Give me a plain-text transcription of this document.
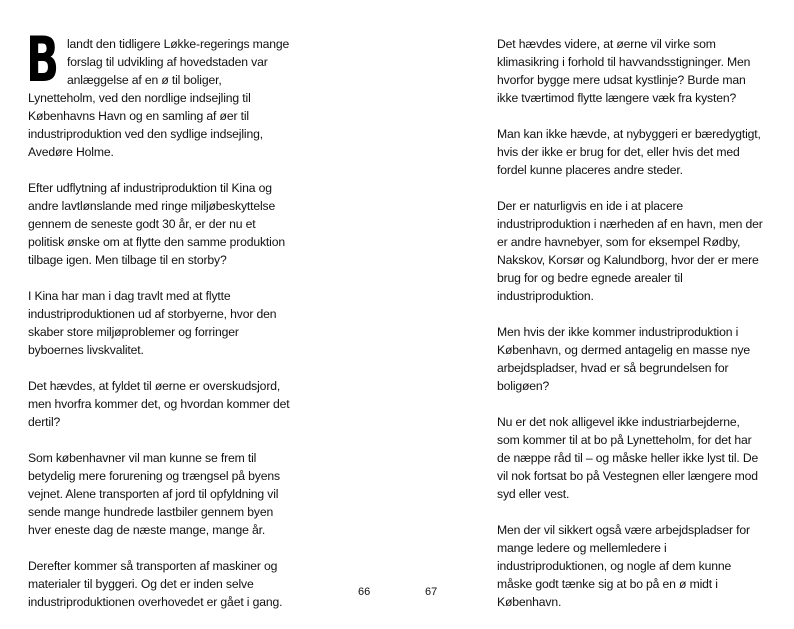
Blandt den tidligere Løkke-regerings mange forslag til udvikling af hovedstaden var anlæggelse af en ø til boliger, Lynetteholm, ved den nordlige indsejling til Københavns Havn og en samling af øer til industriproduktion ved den sydlige indsejling, Avedøre Holme.

Efter udflytning af industriproduktion til Kina og andre lavtlønslande med ringe miljøbeskyttelse gennem de seneste godt 30 år, er der nu et politisk ønske om at flytte den samme produktion tilbage igen. Men tilbage til en storby?

I Kina har man i dag travlt med at flytte industriproduktionen ud af storbyerne, hvor den skaber store miljøproblemer og forringer byboernes livskvalitet.

Det hævdes, at fyldet til øerne er overskudsjord, men hvorfra kommer det, og hvordan kommer det dertil?

Som københavner vil man kunne se frem til betydelig mere forurening og trængsel på byens vejnet. Alene transporten af jord til opfyldning vil sende mange hundrede lastbiler gennem byen hver eneste dag de næste mange, mange år.

Derefter kommer så transporten af maskiner og materialer til byggeri. Og det er inden selve industriproduktionen overhovedet er gået i gang.

66

Det hævdes videre, at øerne vil virke som klimasikring i forhold til havvandsstigninger. Men hvorfor bygge mere udsat kystlinje? Burde man ikke tværtimod flytte længere væk fra kysten?

Man kan ikke hævde, at nybyggeri er bæredygtigt, hvis der ikke er brug for det, eller hvis det med fordel kunne placeres andre steder.

Der er naturligvis en ide i at placere industriproduktion i nærheden af en havn, men der er andre havnebyer, som for eksempel Rødby, Nakskov, Korsør og Kalundborg, hvor der er mere brug for og bedre egnede arealer til industriproduktion.

Men hvis der ikke kommer industriproduktion i København, og dermed antagelig en masse nye arbejdspladser, hvad er så begrundelsen for boligøen?

Nu er det nok alligevel ikke industriarbejderne, som kommer til at bo på Lynetteholm, for det har de næppe råd til – og måske heller ikke lyst til. De vil nok fortsat bo på Vestegnen eller længere mod syd eller vest.

Men der vil sikkert også være arbejdspladser for mange ledere og mellemledere i industriproduktionen, og nogle af dem kunne måske godt tænke sig at bo på en ø midt i København.

67
